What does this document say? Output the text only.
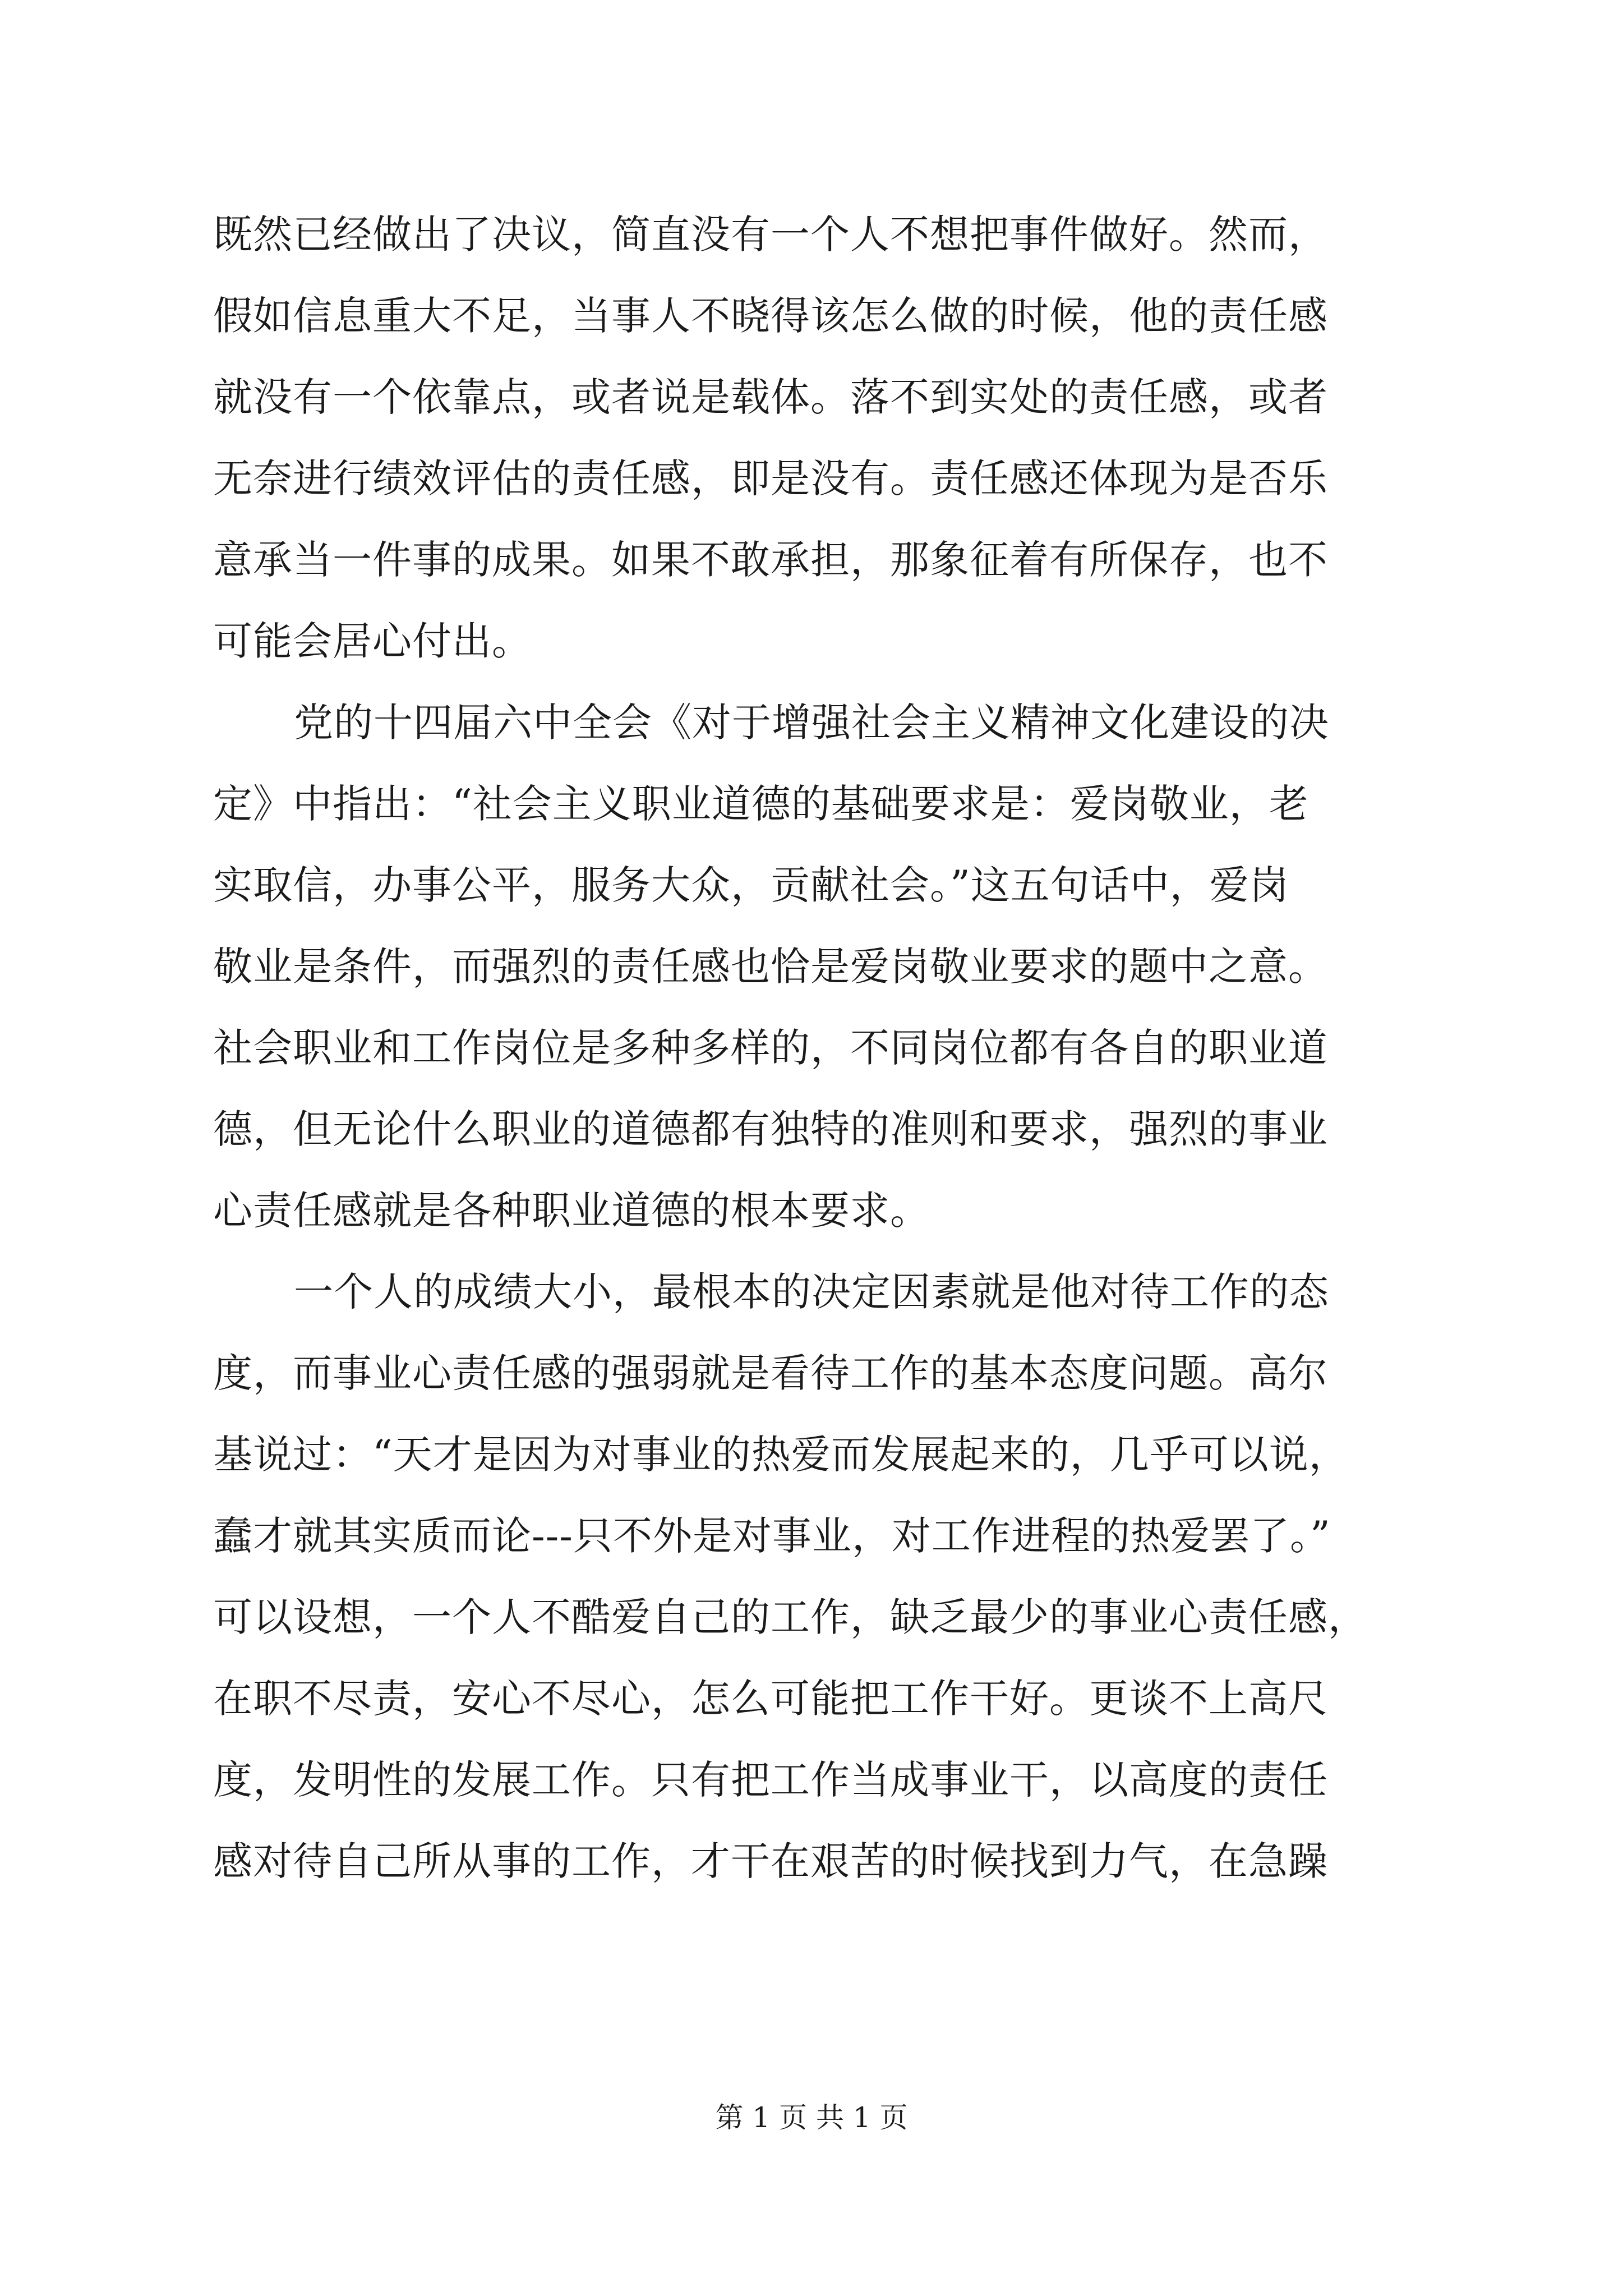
既然已经做出了决议，简直没有一个人不想把事件做好。然而，
假如信息重大不足，当事人不晓得该怎么做的时候，他的责任感
就没有一个依靠点，或者说是载体。落不到实处的责任感，或者
无奈进行绩效评估的责任感，即是没有。责任感还体现为是否乐
意承当一件事的成果。如果不敢承担，那象征着有所保存，也不
可能会居心付出。
党的十四届六中全会《对于增强社会主义精神文化建设的决
定》中指出：“社会主义职业道德的基础要求是：爱岗敬业，老
实取信，办事公平，服务大众，贡献社会。”这五句话中，爱岗
敬业是条件，而强烈的责任感也恰是爱岗敬业要求的题中之意。
社会职业和工作岗位是多种多样的，不同岗位都有各自的职业道
德，但无论什么职业的道德都有独特的准则和要求，强烈的事业
心责任感就是各种职业道德的根本要求。
一个人的成绩大小，最根本的决定因素就是他对待工作的态
度，而事业心责任感的强弱就是看待工作的基本态度问题。高尔
基说过：“天才是因为对事业的热爱而发展起来的，几乎可以说，
蠢才就其实质而论---只不外是对事业，对工作进程的热爱罢了。”
可以设想，一个人不酷爱自己的工作，缺乏最少的事业心责任感，
在职不尽责，安心不尽心，怎么可能把工作干好。更谈不上高尺
度，发明性的发展工作。只有把工作当成事业干，以高度的责任
感对待自己所从事的工作，才干在艰苦的时候找到力气，在急躁
第 1 页 共 1 页
